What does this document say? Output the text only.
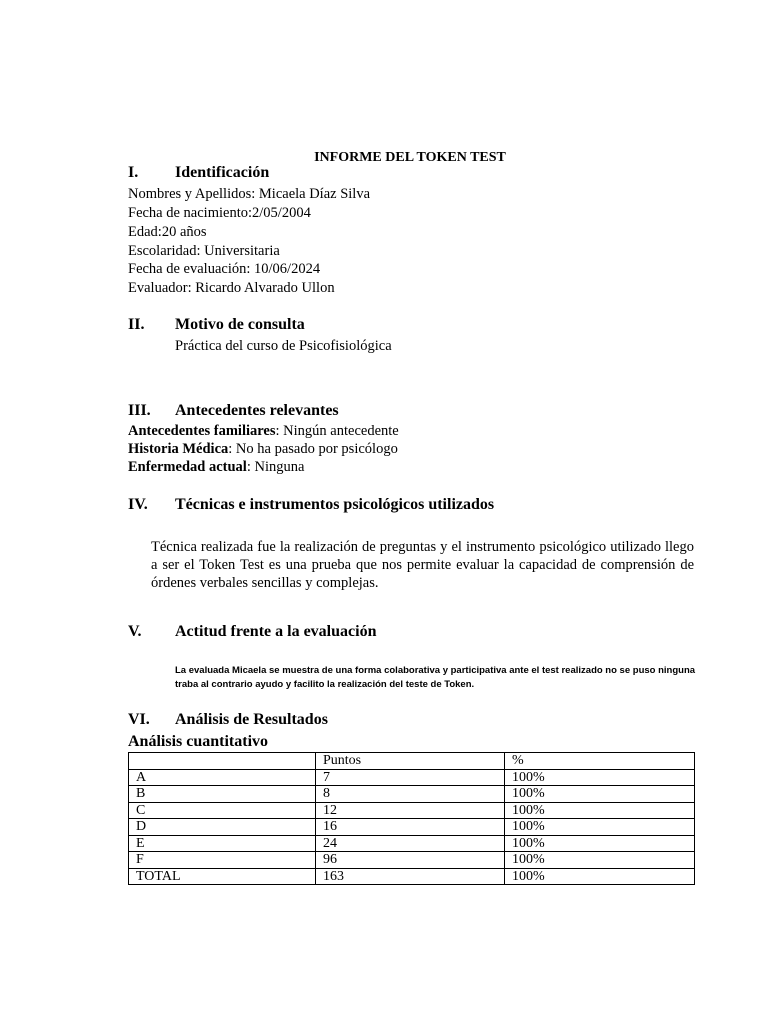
INFORME DEL TOKEN TEST
I. Identificación
Nombres y Apellidos: Micaela Díaz Silva
Fecha de nacimiento:2/05/2004
Edad:20 años
Escolaridad: Universitaria
Fecha de evaluación: 10/06/2024
Evaluador: Ricardo Alvarado Ullon
II. Motivo de consulta
Práctica del curso de Psicofisiológica
III. Antecedentes relevantes
Antecedentes familiares: Ningún antecedente
Historia Médica: No ha pasado por psicólogo
Enfermedad actual: Ninguna
IV. Técnicas e instrumentos psicológicos utilizados
Técnica realizada fue la realización de preguntas y el instrumento psicológico utilizado llego a ser el Token Test es una prueba que nos permite evaluar la capacidad de comprensión de órdenes verbales sencillas y complejas.
V. Actitud frente a la evaluación
La evaluada Micaela se muestra de una forma colaborativa y participativa ante el test realizado no se puso ninguna traba al contrario ayudo y facilito la realización del teste de Token.
VI. Análisis de Resultados
Análisis cuantitativo
	Puntos	%
A	7	100%
B	8	100%
C	12	100%
D	16	100%
E	24	100%
F	96	100%
TOTAL	163	100%
